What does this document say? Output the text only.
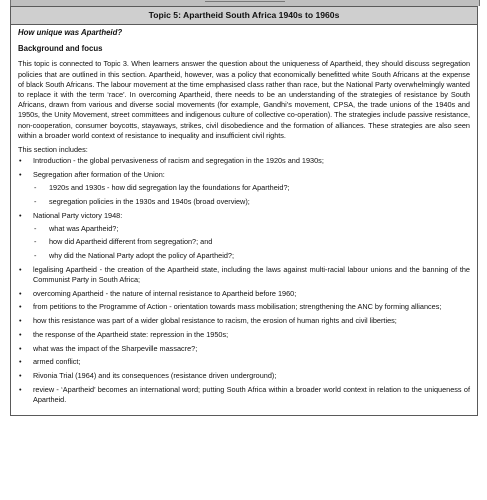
Topic 5: Apartheid South Africa 1940s to 1960s
How unique was Apartheid?
Background and focus
This topic is connected to Topic 3. When learners answer the question about the uniqueness of Apartheid, they should discuss segregation policies that are outlined in this section. Apartheid, however, was a policy that economically benefitted white South Africans at the expense of black South Africans. The labour movement at the time emphasised class rather than race, but the National Party overwhelmingly wanted to replace it with the term ‘race’. In overcoming Apartheid, there needs to be an understanding of the strategies of resistance by South Africans, drawn from various and diverse social movements (for example, Gandhi’s movement, CPSA, the trade unions of the 1940s and 1950s, the Unity Movement, street committees and indigenous culture of collective co-operation). The strategies include passive resistance, non-cooperation, consumer boycotts, stayaways, strikes, civil disobedience and the formation of alliances. These strategies are also seen within a broader world context of resistance to inequality and insufficient civil rights.
This section includes:
• Introduction - the global pervasiveness of racism and segregation in the 1920s and 1930s;
• Segregation after formation of the Union:
- 1920s and 1930s - how did segregation lay the foundations for Apartheid?;
- segregation policies in the 1930s and 1940s (broad overview);
• National Party victory 1948:
- what was Apartheid?;
- how did Apartheid different from segregation?; and
- why did the National Party adopt the policy of Apartheid?;
• legalising Apartheid - the creation of the Apartheid state, including the laws against multi-racial labour unions and the banning of the Communist Party in South Africa;
• overcoming Apartheid - the nature of internal resistance to Apartheid before 1960;
• from petitions to the Programme of Action - orientation towards mass mobilisation; strengthening the ANC by forming alliances;
• how this resistance was part of a wider global resistance to racism, the erosion of human rights and civil liberties;
• the response of the Apartheid state: repression in the 1950s;
• what was the impact of the Sharpeville massacre?;
• armed conflict;
• Rivonia Trial (1964) and its consequences (resistance driven underground);
• review - ‘Apartheid’ becomes an international word; putting South Africa within a broader world context in relation to the uniqueness of Apartheid.
